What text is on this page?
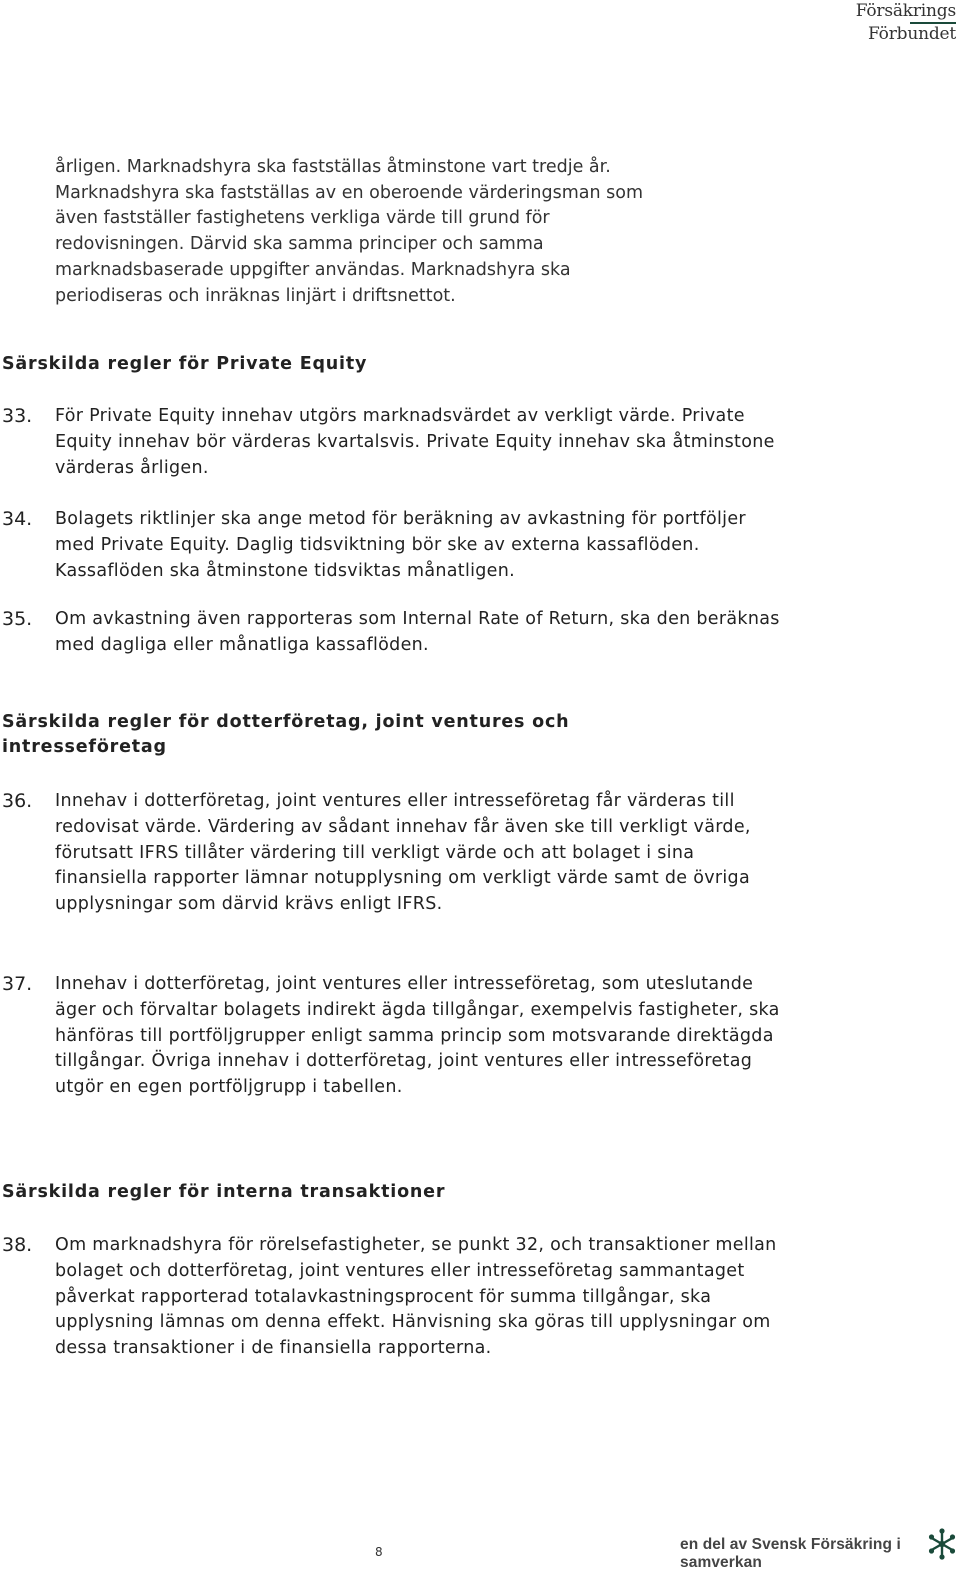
Försäkrings
Förbundet

årligen. Marknadshyra ska fastställas åtminstone vart tredje år.

Marknadshyra ska fastställas av en oberoende värderingsman som

även fastställer fastighetens verkliga värde till grund för

redovisningen. Därvid ska samma principer och samma

marknadsbaserade uppgifter användas. Marknadshyra ska

periodiseras och inräknas linjärt i driftsnettot.

Särskilda regler för Private Equity
33. För Private Equity innehav utgörs marknadsvärdet av verkligt värde. Private Equity innehav bör värderas kvartalsvis. Private Equity innehav ska åtminstone värderas årligen.
34. Bolagets riktlinjer ska ange metod för beräkning av avkastning för portföljer med Private Equity. Daglig tidsviktning bör ske av externa kassaflöden. Kassaflöden ska åtminstone tidsviktas månatligen.
35. Om avkastning även rapporteras som Internal Rate of Return, ska den beräknas med dagliga eller månatliga kassaflöden.
Särskilda regler för dotterföretag, joint ventures och intresseföretag
36. Innehav i dotterföretag, joint ventures eller intresseföretag får värderas till redovisat värde. Värdering av sådant innehav får även ske till verkligt värde, förutsatt IFRS tillåter värdering till verkligt värde och att bolaget i sina finansiella rapporter lämnar notupplysning om verkligt värde samt de övriga upplysningar som därvid krävs enligt IFRS.
37. Innehav i dotterföretag, joint ventures eller intresseföretag, som uteslutande äger och förvaltar bolagets indirekt ägda tillgångar, exempelvis fastigheter, ska hänföras till portföljgrupper enligt samma princip som motsvarande direktägda tillgångar. Övriga innehav i dotterföretag, joint ventures eller intresseföretag utgör en egen portföljgrupp i tabellen.
Särskilda regler för interna transaktioner
38. Om marknadshyra för rörelsefastigheter, se punkt 32, och transaktioner mellan bolaget och dotterföretag, joint ventures eller intresseföretag sammantaget påverkat rapporterad totalavkastningsprocent för summa tillgångar, ska upplysning lämnas om denna effekt. Hänvisning ska göras till upplysningar om dessa transaktioner i de finansiella rapporterna.
8	en del av Svensk Försäkring i samverkan
